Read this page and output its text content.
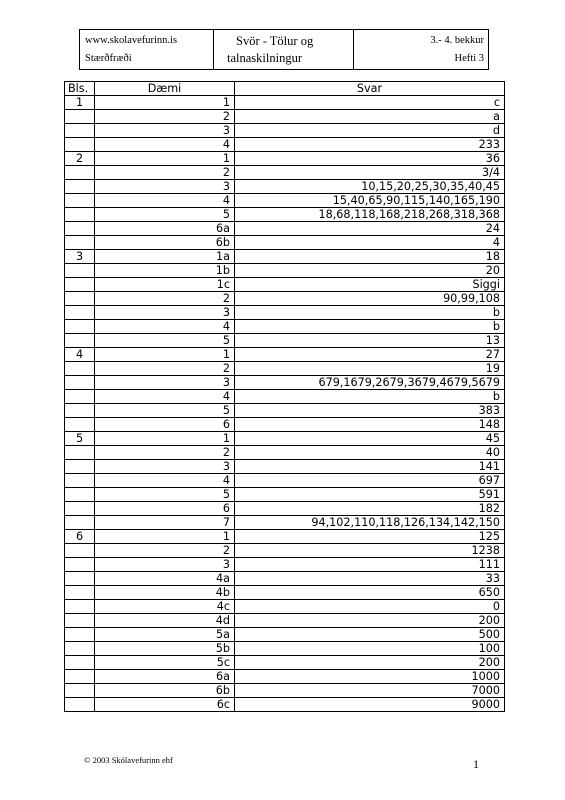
www.skolavefurinn.is
Stærðfræði
Svör - Tölur og
talnaskilningur
3.- 4. bekkur
Hefti 3
Bls.	Dæmi	Svar
1	1	c
	2	a
	3	d
	4	233
2	1	36
	2	3/4
	3	10,15,20,25,30,35,40,45
	4	15,40,65,90,115,140,165,190
	5	18,68,118,168,218,268,318,368
	6a	24
	6b	4
3	1a	18
	1b	20
	1c	Siggi
	2	90,99,108
	3	b
	4	b
	5	13
4	1	27
	2	19
	3	679,1679,2679,3679,4679,5679
	4	b
	5	383
	6	148
5	1	45
	2	40
	3	141
	4	697
	5	591
	6	182
	7	94,102,110,118,126,134,142,150
6	1	125
	2	1238
	3	111
	4a	33
	4b	650
	4c	0
	4d	200
	5a	500
	5b	100
	5c	200
	6a	1000
	6b	7000
	6c	9000
© 2003 Skólavefurinn ehf	1
